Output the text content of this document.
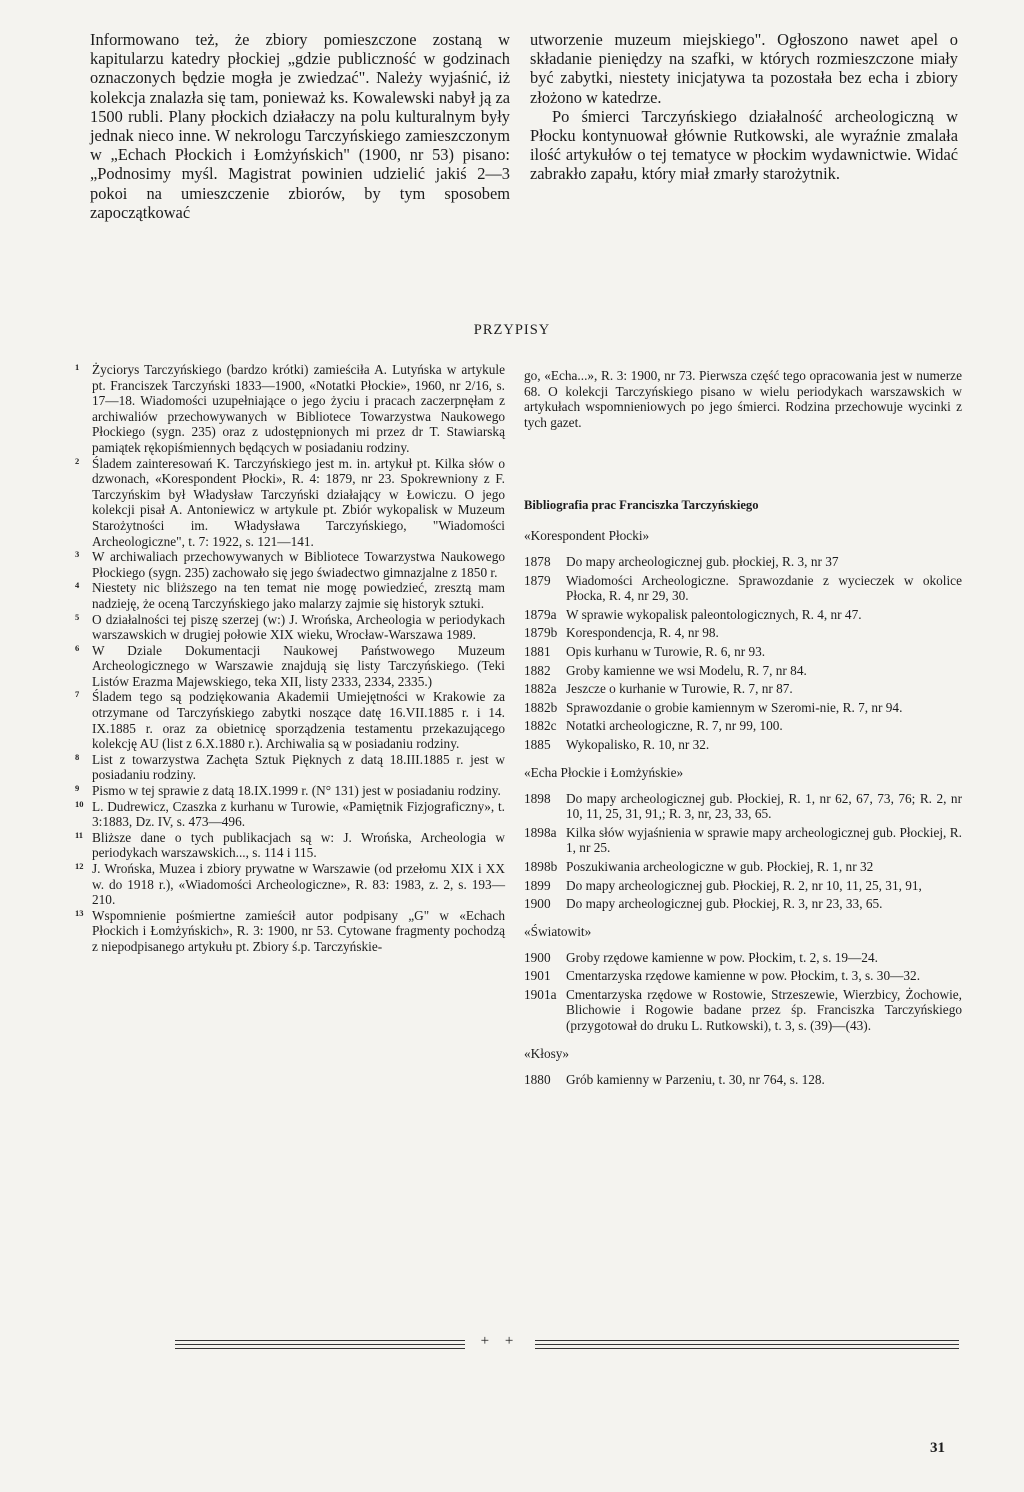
Informowano też, że zbiory pomieszczone zostaną w kapitularzu katedry płockiej „gdzie publiczność w godzinach oznaczonych będzie mogła je zwiedzać". Należy wyjaśnić, iż kolekcja znalazła się tam, ponieważ ks. Kowalewski nabył ją za 1500 rubli. Plany płockich działaczy na polu kulturalnym były jednak nieco inne. W nekrologu Tarczyńskiego zamieszczonym w „Echach Płockich i Łomżyńskich" (1900, nr 53) pisano: „Podnosimy myśl. Magistrat powinien udzielić jakiś 2—3 pokoi na umieszczenie zbiorów, by tym sposobem zapoczątkować

utworzenie muzeum miejskiego". Ogłoszono nawet apel o składanie pieniędzy na szafki, w których rozmieszczone miały być zabytki, niestety inicjatywa ta pozostała bez echa i zbiory złożono w katedrze.

Po śmierci Tarczyńskiego działalność archeologiczną w Płocku kontynuował głównie Rutkowski, ale wyraźnie zmalała ilość artykułów o tej tematyce w płockim wydawnictwie. Widać zabrakło zapału, który miał zmarły starożytnik.

PRZYPISY

1 Życiorys Tarczyńskiego (bardzo krótki) zamieściła A. Lutyńska w artykule pt. Franciszek Tarczyński 1833—1900, «Notatki Płockie», 1960, nr 2/16, s. 17—18. Wiadomości uzupełniające o jego życiu i pracach zaczerpnęłam z archiwaliów przechowywanych w Bibliotece Towarzystwa Naukowego Płockiego (sygn. 235) oraz z udostępnionych mi przez dr T. Stawiarską pamiątek rękopiśmiennych będących w posiadaniu rodziny.

2 Śladem zainteresowań K. Tarczyńskiego jest m. in. artykuł pt. Kilka słów o dzwonach, «Korespondent Płocki», R. 4: 1879, nr 23. Spokrewniony z F. Tarczyńskim był Władysław Tarczyński działający w Łowiczu. O jego kolekcji pisał A. Antoniewicz w artykule pt. Zbiór wykopalisk w Muzeum Starożytności im. Władysława Tarczyńskiego, "Wiadomości Archeologiczne", t. 7: 1922, s. 121—141.

3 W archiwaliach przechowywanych w Bibliotece Towarzystwa Naukowego Płockiego (sygn. 235) zachowało się jego świadectwo gimnazjalne z 1850 r.

4 Niestety nic bliższego na ten temat nie mogę powiedzieć, zresztą mam nadzieję, że oceną Tarczyńskiego jako malarzy zajmie się historyk sztuki.

5 O działalności tej piszę szerzej (w:) J. Wrońska, Archeologia w periodykach warszawskich w drugiej połowie XIX wieku, Wrocław-Warszawa 1989.

6 W Dziale Dokumentacji Naukowej Państwowego Muzeum Archeologicznego w Warszawie znajdują się listy Tarczyńskiego. (Teki Listów Erazma Majewskiego, teka XII, listy 2333, 2334, 2335.)

7 Śladem tego są podziękowania Akademii Umiejętności w Krakowie za otrzymane od Tarczyńskiego zabytki noszące datę 16.VII.1885 r. i 14. IX.1885 r. oraz za obietnicę sporządzenia testamentu przekazującego kolekcję AU (list z 6.X.1880 r.). Archiwalia są w posiadaniu rodziny.

8 List z towarzystwa Zachęta Sztuk Pięknych z datą 18.III.1885 r. jest w posiadaniu rodziny.

9 Pismo w tej sprawie z datą 18.IX.1999 r. (N° 131) jest w posiadaniu rodziny.

10 L. Dudrewicz, Czaszka z kurhanu w Turowie, «Pamiętnik Fizjograficzny», t. 3:1883, Dz. IV, s. 473—496.

11 Bliższe dane o tych publikacjach są w: J. Wrońska, Archeologia w periodykach warszawskich..., s. 114 i 115.

12 J. Wrońska, Muzea i zbiory prywatne w Warszawie (od przełomu XIX i XX w. do 1918 r.), «Wiadomości Archeologiczne», R. 83: 1983, z. 2, s. 193—210.

13 Wspomnienie pośmiertne zamieścił autor podpisany „G" w «Echach Płockich i Łomżyńskich», R. 3: 1900, nr 53. Cytowane fragmenty pochodzą z niepodpisanego artykułu pt. Zbiory ś.p. Tarczyńskie-

go, «Echa...», R. 3: 1900, nr 73. Pierwsza część tego opracowania jest w numerze 68. O kolekcji Tarczyńskiego pisano w wielu periodykach warszawskich w artykułach wspomnieniowych po jego śmierci. Rodzina przechowuje wycinki z tych gazet.

Bibliografia prac Franciszka Tarczyńskiego

«Korespondent Płocki»

1878 Do mapy archeologicznej gub. płockiej, R. 3, nr 37

1879 Wiadomości Archeologiczne. Sprawozdanie z wycieczek w okolice Płocka, R. 4, nr 29, 30.

1879a W sprawie wykopalisk paleontologicznych, R. 4, nr 47.

1879b Korespondencja, R. 4, nr 98.

1881 Opis kurhanu w Turowie, R. 6, nr 93.

1882 Groby kamienne we wsi Modelu, R. 7, nr 84.

1882a Jeszcze o kurhanie w Turowie, R. 7, nr 87.

1882b Sprawozdanie o grobie kamiennym w Szeromi-nie, R. 7, nr 94.

1882c Notatki archeologiczne, R. 7, nr 99, 100.

1885 Wykopalisko, R. 10, nr 32.

«Echa Płockie i Łomżyńskie»

1898 Do mapy archeologicznej gub. Płockiej, R. 1, nr 62, 67, 73, 76; R. 2, nr 10, 11, 25, 31, 91,; R. 3, nr, 23, 33, 65.

1898a Kilka słów wyjaśnienia w sprawie mapy archeologicznej gub. Płockiej, R. 1, nr 25.

1898b Poszukiwania archeologiczne w gub. Płockiej, R. 1, nr 32

1899 Do mapy archeologicznej gub. Płockiej, R. 2, nr 10, 11, 25, 31, 91,

1900 Do mapy archeologicznej gub. Płockiej, R. 3, nr 23, 33, 65.

«Światowit»

1900 Groby rzędowe kamienne w pow. Płockim, t. 2, s. 19—24.

1901 Cmentarzyska rzędowe kamienne w pow. Płockim, t. 3, s. 30—32.

1901a Cmentarzyska rzędowe w Rostowie, Strzeszewie, Wierzbicy, Żochowie, Blichowie i Rogowie badane przez śp. Franciszka Tarczyńskiego (przygotował do druku L. Rutkowski), t. 3, s. (39)—(43).

«Kłosy»

1880 Grób kamienny w Parzeniu, t. 30, nr 764, s. 128.

+ +
31
